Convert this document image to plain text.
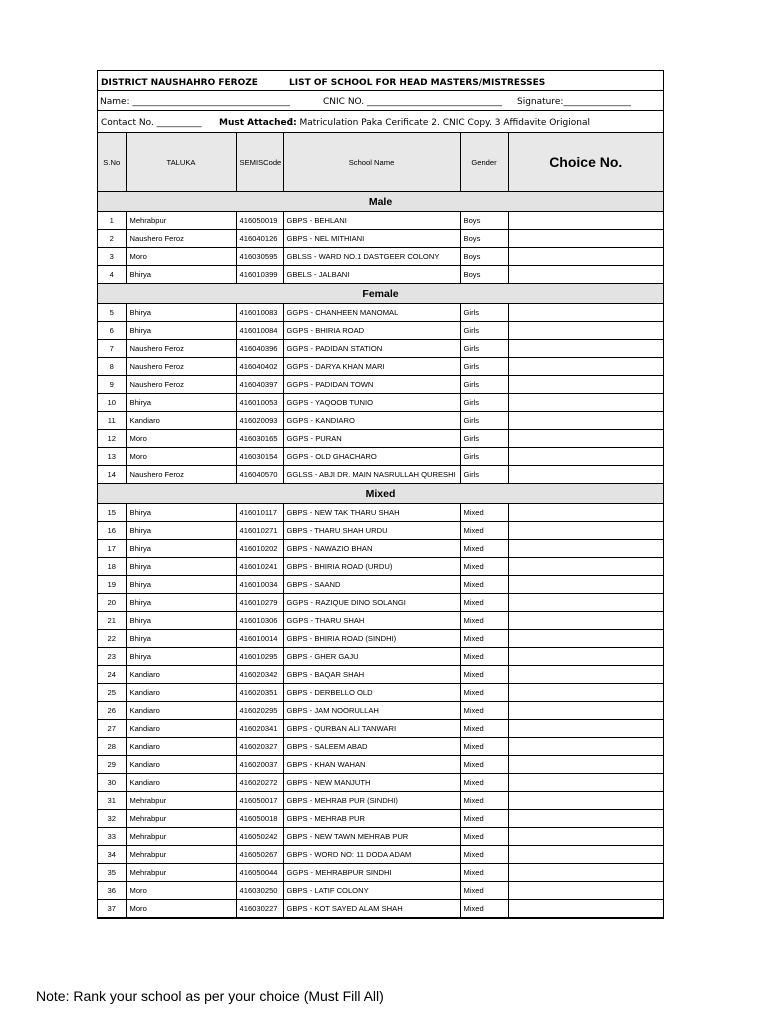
DISTRICT NAUSHAHRO FEROZE	LIST OF SCHOOL FOR HEAD MASTERS/MISTRESSES
Name: ___________________________________	CNIC NO. ______________________________ Signature:_______________
Contact No. __________ Must Attached:
1. Matriculation Paka Cerificate 2. CNIC Copy. 3 Affidavite Origional
S.No	TALUKA	SEMISCode	School Name	Gender	Choice No.
Male					
1	Mehrabpur	416050019	GBPS - BEHLANI	Boys	
2	Naushero Feroz	416040126	GBPS - NEL MITHIANI	Boys	
3	Moro	416030595	GBLSS - WARD NO.1 DASTGEER COLONY	Boys	
4	Bhirya	416010399	GBELS - JALBANI	Boys	
Female					
5	Bhirya	416010083	GGPS - CHANHEEN MANOMAL	Girls	
6	Bhirya	416010084	GGPS - BHIRIA ROAD	Girls	
7	Naushero Feroz	416040396	GGPS - PADIDAN STATION	Girls	
8	Naushero Feroz	416040402	GGPS - DARYA KHAN MARI	Girls	
9	Naushero Feroz	416040397	GGPS - PADIDAN TOWN	Girls	
10	Bhirya	416010053	GGPS - YAQOOB TUNIO	Girls	
11	Kandiaro	416020093	GGPS - KANDIARO	Girls	
12	Moro	416030165	GGPS - PURAN	Girls	
13	Moro	416030154	GGPS - OLD GHACHARO	Girls	
14	Naushero Feroz	416040570	GGLSS - ABJI DR. MAIN NASRULLAH QURESHI	Girls	
Mixed					
15	Bhirya	416010117	GBPS - NEW TAK THARU SHAH	Mixed	
16	Bhirya	416010271	GBPS - THARU SHAH URDU	Mixed	
17	Bhirya	416010202	GBPS - NAWAZIO BHAN	Mixed	
18	Bhirya	416010241	GBPS - BHIRIA ROAD (URDU)	Mixed	
19	Bhirya	416010034	GBPS - SAAND	Mixed	
20	Bhirya	416010279	GGPS - RAZIQUE DINO SOLANGI	Mixed	
21	Bhirya	416010306	GGPS - THARU SHAH	Mixed	
22	Bhirya	416010014	GBPS - BHIRIA ROAD (SINDHI)	Mixed	
23	Bhirya	416010295	GBPS - GHER GAJU	Mixed	
24	Kandiaro	416020342	GBPS - BAQAR SHAH	Mixed	
25	Kandiaro	416020351	GBPS - DERBELLO OLD	Mixed	
26	Kandiaro	416020295	GBPS - JAM NOORULLAH	Mixed	
27	Kandiaro	416020341	GBPS - QURBAN ALI TANWARI	Mixed	
28	Kandiaro	416020327	GBPS - SALEEM ABAD	Mixed	
29	Kandiaro	416020037	GBPS - KHAN WAHAN	Mixed	
30	Kandiaro	416020272	GBPS - NEW MANJUTH	Mixed	
31	Mehrabpur	416050017	GBPS - MEHRAB PUR (SINDHI)	Mixed	
32	Mehrabpur	416050018	GBPS - MEHRAB PUR	Mixed	
33	Mehrabpur	416050242	GBPS - NEW TAWN MEHRAB PUR	Mixed	
34	Mehrabpur	416050267	GBPS - WORD NO: 11 DODA ADAM	Mixed	
35	Mehrabpur	416050044	GGPS - MEHRABPUR SINDHI	Mixed	
36	Moro	416030250	GBPS - LATIF COLONY	Mixed	
37	Moro	416030227	GBPS - KOT SAYED ALAM SHAH	Mixed	
Note: Rank your school as per your choice (Must Fill All)
